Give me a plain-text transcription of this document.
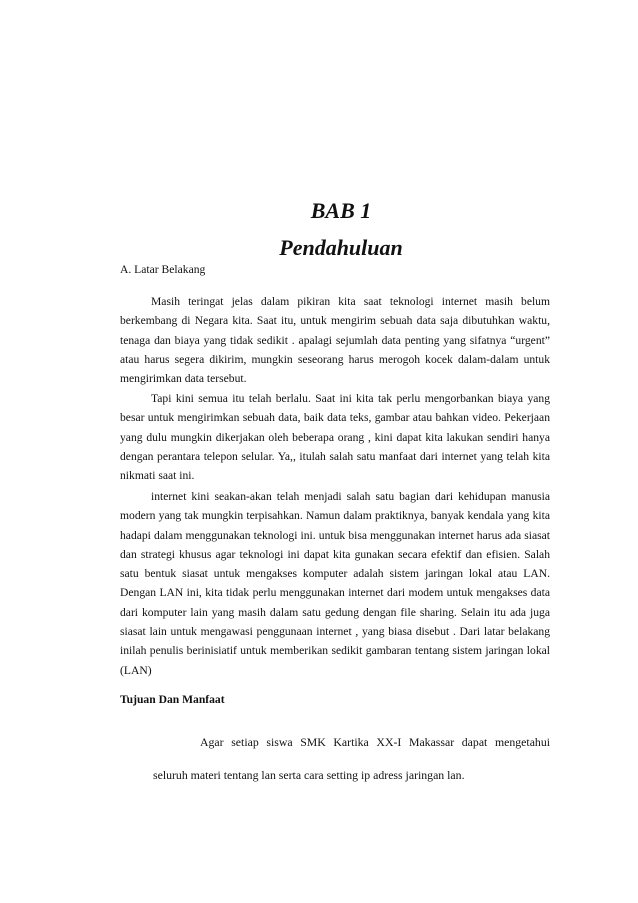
BAB 1
Pendahuluan
A. Latar Belakang

Masih teringat jelas dalam pikiran kita saat teknologi internet masih belum berkembang di Negara kita. Saat itu, untuk mengirim sebuah data saja dibutuhkan waktu, tenaga dan biaya yang tidak sedikit . apalagi sejumlah data penting yang sifatnya “urgent” atau harus segera dikirim, mungkin seseorang harus merogoh kocek dalam-dalam untuk mengirimkan data tersebut.

Tapi kini semua itu telah berlalu. Saat ini kita tak perlu mengorbankan biaya yang besar untuk mengirimkan sebuah data, baik data teks, gambar atau bahkan video. Pekerjaan yang dulu mungkin dikerjakan oleh beberapa orang , kini dapat kita lakukan sendiri hanya dengan perantara telepon selular. Ya,, itulah salah satu manfaat dari internet yang telah kita nikmati saat ini.

internet kini seakan-akan telah menjadi salah satu bagian dari kehidupan manusia modern yang tak mungkin terpisahkan. Namun dalam praktiknya, banyak kendala yang kita hadapi dalam menggunakan teknologi ini. untuk bisa menggunakan internet harus ada siasat dan strategi khusus agar teknologi ini dapat kita gunakan secara efektif dan efisien. Salah satu bentuk siasat untuk mengakses komputer adalah sistem jaringan lokal atau LAN. Dengan LAN ini, kita tidak perlu menggunakan internet dari modem untuk mengakses data dari komputer lain yang masih dalam satu gedung dengan file sharing. Selain itu ada juga siasat lain untuk mengawasi penggunaan internet , yang biasa disebut . Dari latar belakang inilah penulis berinisiatif untuk memberikan sedikit gambaran tentang sistem jaringan lokal (LAN)

Tujuan Dan Manfaat
Agar setiap siswa SMK Kartika XX-I Makassar dapat mengetahui
seluruh materi tentang lan serta cara setting ip adress jaringan lan.
